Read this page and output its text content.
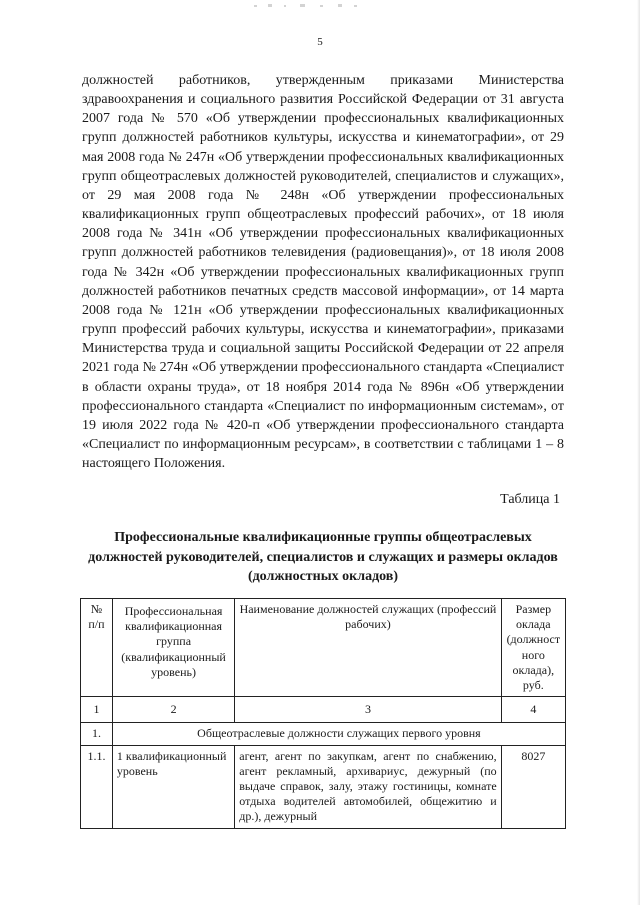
5

должностей работников, утвержденным приказами Министерства здравоохранения и социального развития Российской Федерации от 31 августа 2007 года № 570 «Об утверждении профессиональных квалификационных групп должностей работников культуры, искусства и кинематографии», от 29 мая 2008 года № 247н «Об утверждении профессиональных квалификационных групп общеотраслевых должностей руководителей, специалистов и служащих», от 29 мая 2008 года № 248н «Об утверждении профессиональных квалификационных групп общеотраслевых профессий рабочих», от 18 июля 2008 года № 341н «Об утверждении профессиональных квалификационных групп должностей работников телевидения (радиовещания)», от 18 июля 2008 года № 342н «Об утверждении профессиональных квалификационных групп должностей работников печатных средств массовой информации», от 14 марта 2008 года № 121н «Об утверждении профессиональных квалификационных групп профессий рабочих культуры, искусства и кинематографии», приказами Министерства труда и социальной защиты Российской Федерации от 22 апреля 2021 года № 274н «Об утверждении профессионального стандарта «Специалист в области охраны труда», от 18 ноября 2014 года № 896н «Об утверждении профессионального стандарта «Специалист по информационным системам», от 19 июля 2022 года № 420-п «Об утверждении профессионального стандарта «Специалист по информационным ресурсам», в соответствии с таблицами 1 – 8 настоящего Положения.

Таблица 1

Профессиональные квалификационные группы общеотраслевых должностей руководителей, специалистов и служащих и размеры окладов (должностных окладов)

№ п/п	Профессиональная квалификационная группа (квалификационный уровень)	Наименование должностей служащих (профессий рабочих)	Размер оклада (должност ного оклада), руб.
1	2	3	4
1.	Общеотраслевые должности служащих первого уровня		
1.1.	1 квалификационный уровень	агент, агент по закупкам, агент по снабжению, агент рекламный, архивариус, дежурный (по выдаче справок, залу, этажу гостиницы, комнате отдыха водителей автомобилей, общежитию и др.), дежурный	8027
